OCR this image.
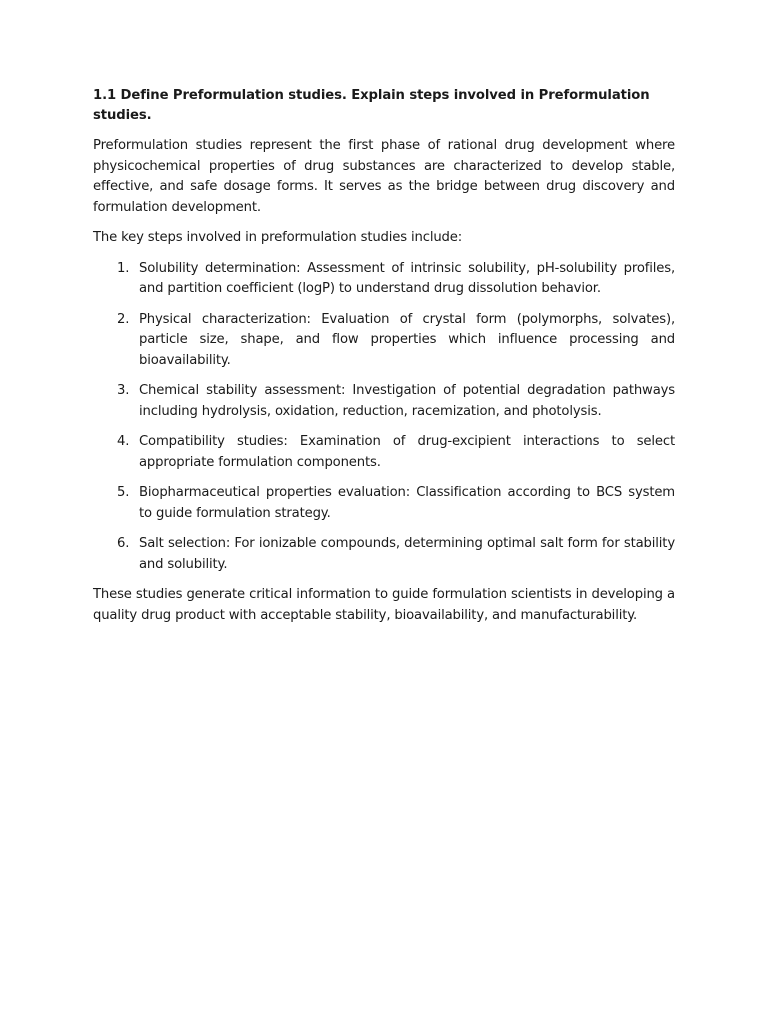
1.1 Define Preformulation studies. Explain steps involved in Preformulation studies.

Preformulation studies represent the first phase of rational drug development where physicochemical properties of drug substances are characterized to develop stable, effective, and safe dosage forms. It serves as the bridge between drug discovery and formulation development.

The key steps involved in preformulation studies include:

1. Solubility determination: Assessment of intrinsic solubility, pH-solubility profiles, and partition coefficient (logP) to understand drug dissolution behavior.
2. Physical characterization: Evaluation of crystal form (polymorphs, solvates), particle size, shape, and flow properties which influence processing and bioavailability.
3. Chemical stability assessment: Investigation of potential degradation pathways including hydrolysis, oxidation, reduction, racemization, and photolysis.
4. Compatibility studies: Examination of drug-excipient interactions to select appropriate formulation components.
5. Biopharmaceutical properties evaluation: Classification according to BCS system to guide formulation strategy.
6. Salt selection: For ionizable compounds, determining optimal salt form for stability and solubility.

These studies generate critical information to guide formulation scientists in developing a quality drug product with acceptable stability, bioavailability, and manufacturability.
